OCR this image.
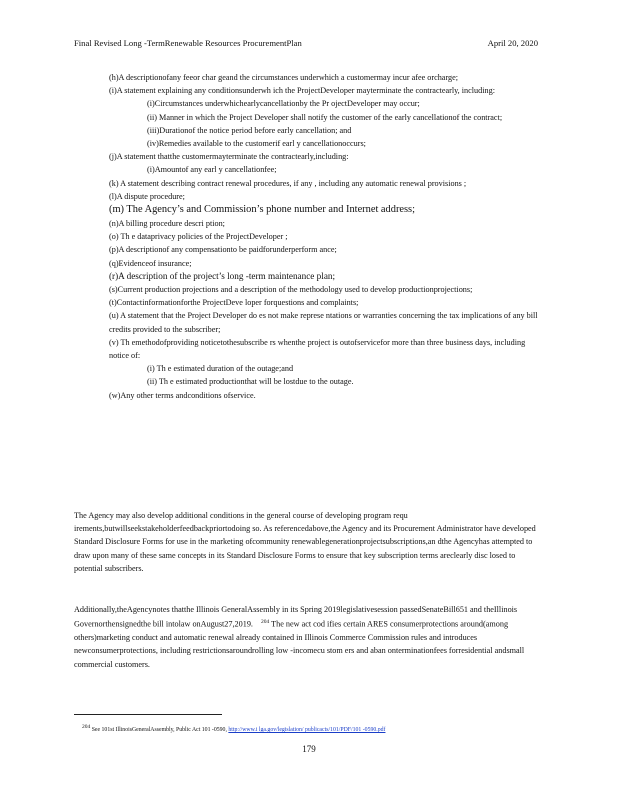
Final Revised Long -TermRenewable Resources ProcurementPlan	April 20, 2020

(h)A descriptionofany feeor char geand the circumstances underwhich a customermay incur afee orcharge;

(i)A statement explaining any conditionsunderwh ich the ProjectDeveloper mayterminate the contractearly, including:

(i)Circumstances underwhichearlycancellationby the Pr ojectDeveloper may occur;

(ii) Manner in which the Project Developer shall notify the customer of the early cancellationof the contract;

(iii)Durationof the notice period before early cancellation; and

(iv)Remedies available to the customerif earl y cancellationoccurs;

(j)A statement thatthe customermayterminate the contractearly,including:

(i)Amountof any earl y cancellationfee;

(k) A statement describing contract renewal procedures, if any , including any automatic renewal provisions ;

(l)A dispute procedure;

(m) The Agency’s and Commission’s phone number and Internet address;

(n)A billing procedure descri ption;

(o) Th e dataprivacy policies of the ProjectDeveloper ;

(p)A descriptionof any compensationto be paidforunderperform ance;

(q)Evidenceof insurance;

(r)A description of the project’s long -term maintenance plan;

(s)Current production projections and a description of the methodology used to develop productionprojections;

(t)Contactinformationforthe ProjectDeve loper forquestions and complaints;

(u) A statement that the Project Developer do es not make represe ntations or warranties concerning the tax implications of any bill credits provided to the subscriber;

(v) Th emethodofproviding noticetothesubscribe rs whenthe project is outofservicefor more than three business days, including notice of:

(i) Th e estimated duration of the outage;and

(ii) Th e estimated productionthat will be lostdue to the outage.

(w)Any other terms andconditions ofservice.

The Agency may also develop additional conditions in the general course of developing program requ irements,butwillseekstakeholderfeedbackpriortodoing so. As referencedabove,the Agency and its Procurement Administrator have developed Standard Disclosure Forms for use in the marketing ofcommunity renewablegenerationprojectsubscriptions,an dthe Agencyhas attempted to draw upon many of these same concepts in its Standard Disclosure Forms to ensure that key subscription terms areclearly disc losed to potential subscribers.

Additionally,theAgencynotes thatthe Illinois GeneralAssembly in its Spring 2019legislativesession passedSenateBill651 and theIllinois Governorthensignedthe bill intolaw onAugust27,2019. $^{204}$ The new act cod ifies certain ARES consumerprotections around(among others)marketing conduct and automatic renewal already contained in Illinois Commerce Commission rules and introduces newconsumerprotections, including restrictionsaroundrolling low -incomecu stom ers and aban onterminationfees forresidential andsmall commercial customers.

$^{204}$ See 101st IllinoisGeneralAssembly, Public Act 101 -0590, http://www.i lga.gov/legislation/ publicacts/101/PDF/101 -0590.pdf
179
